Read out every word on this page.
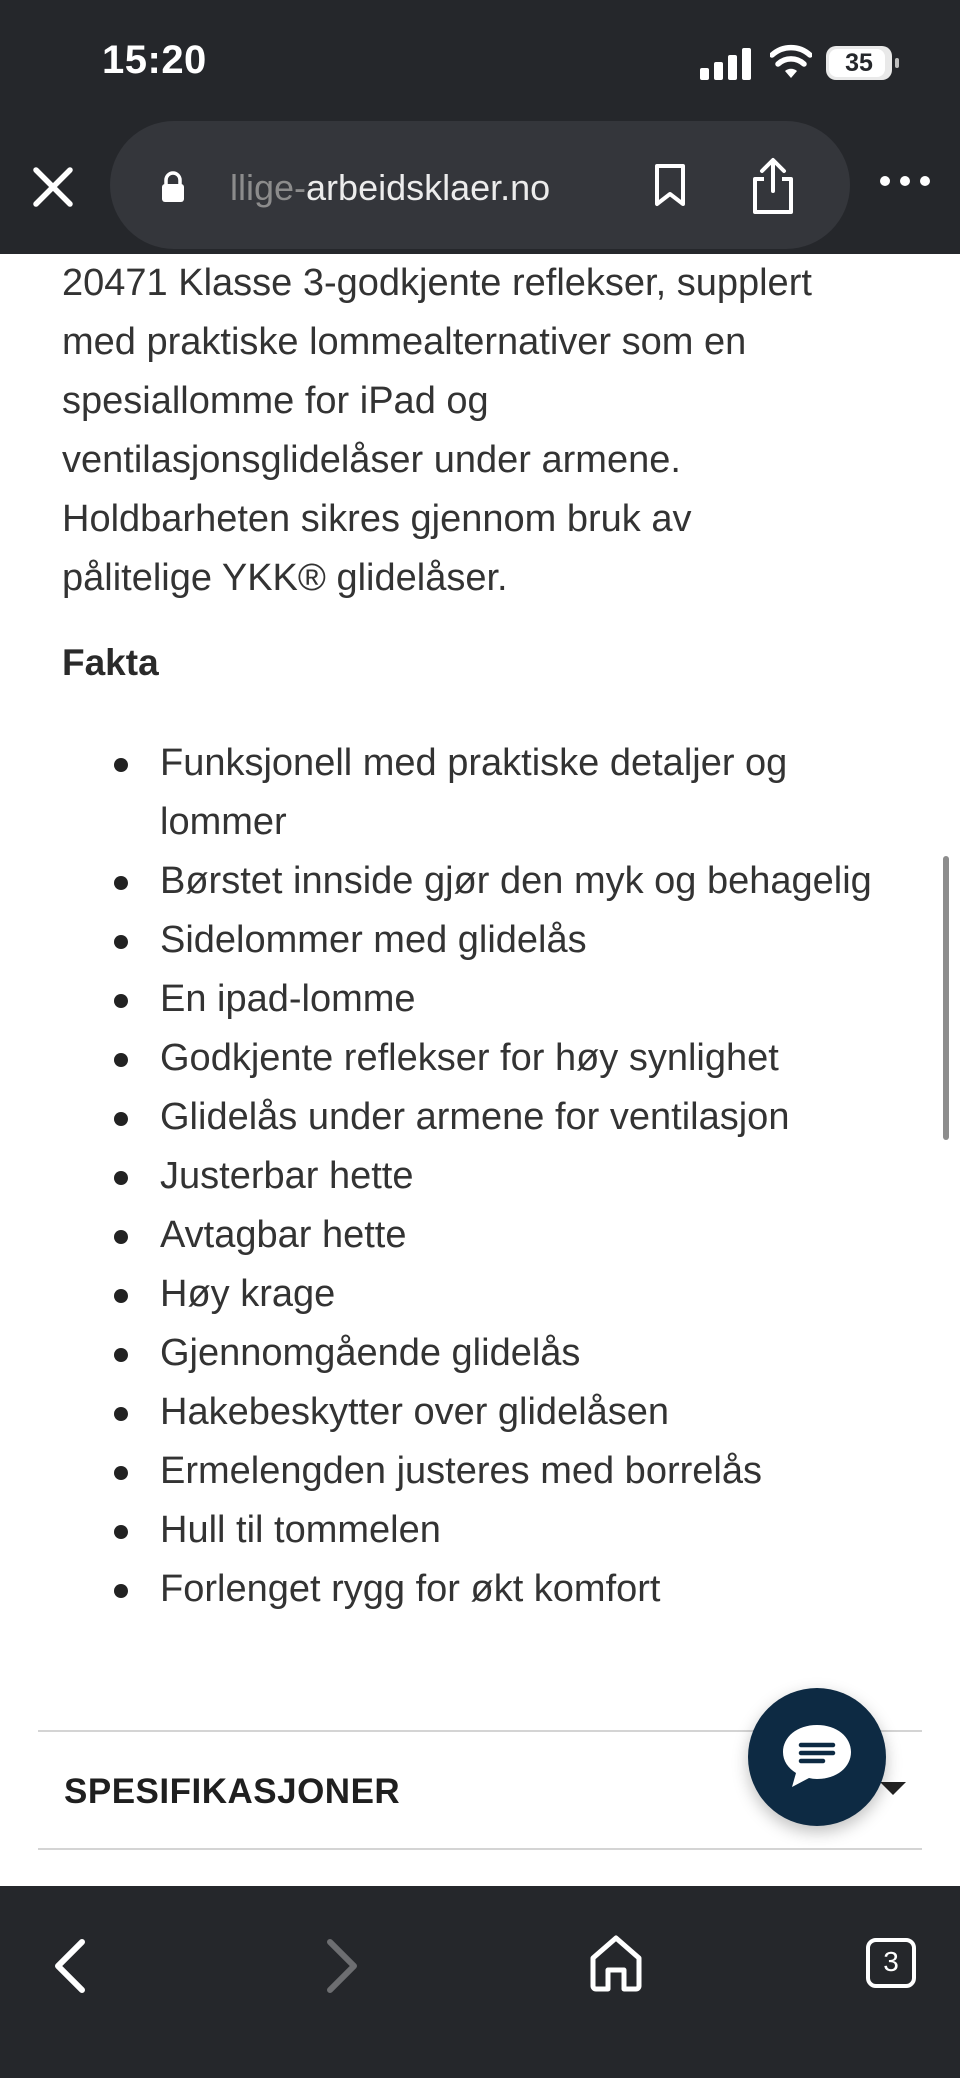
15:20	35
llige-arbeidsklaer.no
20471 Klasse 3-godkjente reflekser, supplert
med praktiske lommealternativer som en
spesiallomme for iPad og
ventilasjonsglidelåser under armene.
Holdbarheten sikres gjennom bruk av
pålitelige YKK® glidelåser.
Fakta
Funksjonell med praktiske detaljer og lommer
Børstet innside gjør den myk og behagelig
Sidelommer med glidelås
En ipad-lomme
Godkjente reflekser for høy synlighet
Glidelås under armene for ventilasjon
Justerbar hette
Avtagbar hette
Høy krage
Gjennomgående glidelås
Hakebeskytter over glidelåsen
Ermelengden justeres med borrelås
Hull til tommelen
Forlenget rygg for økt komfort
SPESIFIKASJONER
3
